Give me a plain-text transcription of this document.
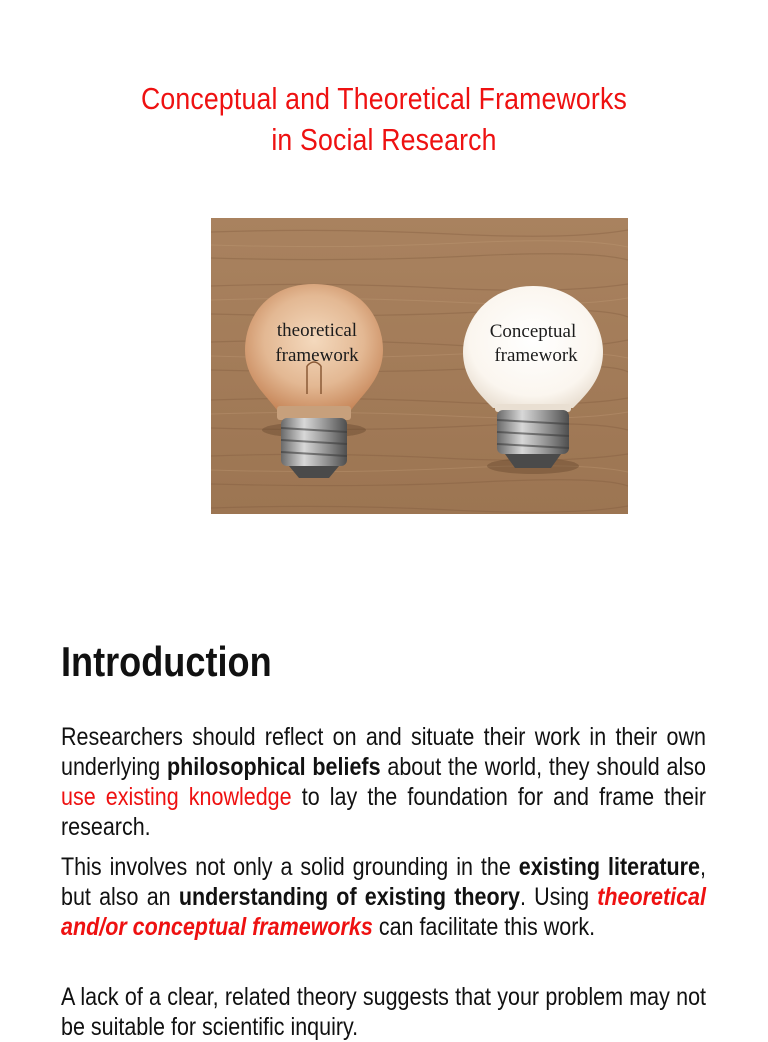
Conceptual and Theoretical Frameworks
in Social Research
theoretical
framework
Conceptual
framework
Introduction

Researchers should reflect on and situate their work in their own underlying philosophical beliefs about the world, they should also use existing knowledge to lay the foundation for and frame their research.

This involves not only a solid grounding in the existing literature, but also an understanding of existing theory. Using theoretical and/or conceptual frameworks can facilitate this work.

A lack of a clear, related theory suggests that your problem may not be suitable for scientific inquiry.
